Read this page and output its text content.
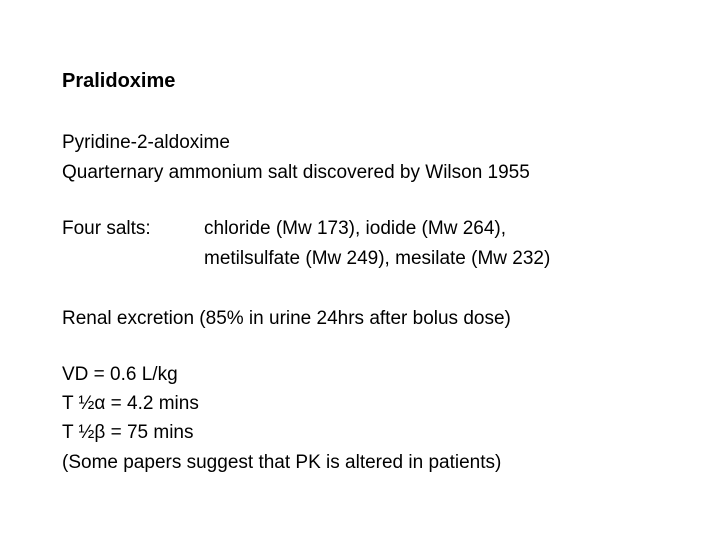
Pralidoxime
Pyridine-2-aldoxime
Quarternary ammonium salt discovered by Wilson 1955
Four salts:	chloride (Mw 173), iodide (Mw 264),
metilsulfate (Mw 249), mesilate (Mw 232)
Renal excretion (85% in urine 24hrs after bolus dose)
VD = 0.6 L/kg
T ½α = 4.2 mins
T ½β = 75 mins
(Some papers suggest that PK is altered in patients)
